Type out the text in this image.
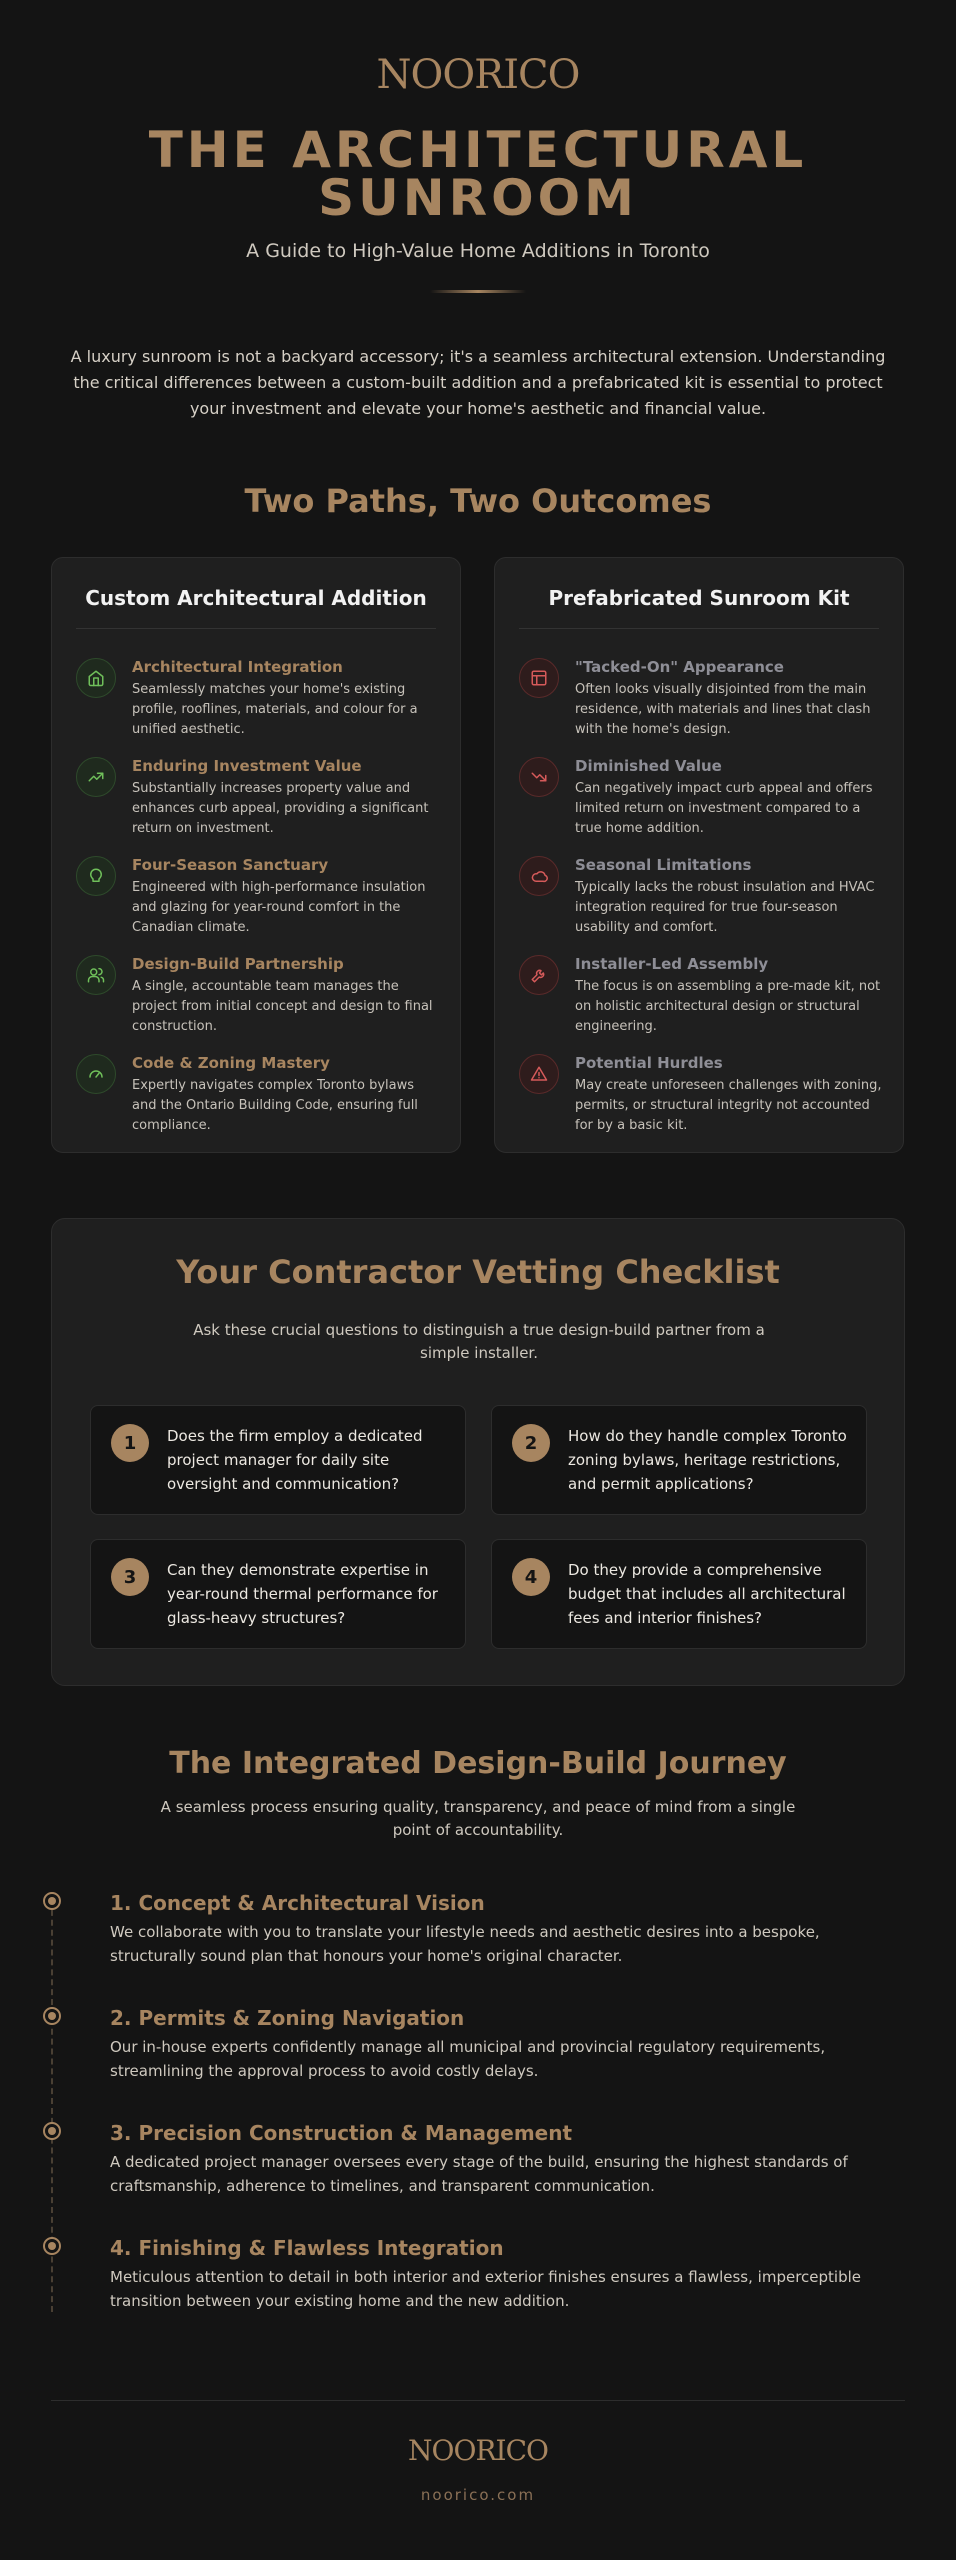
NOORICO
THE ARCHITECTURAL SUNROOM
A Guide to High-Value Home Additions in Toronto

A luxury sunroom is not a backyard accessory; it's a seamless architectural extension. Understanding the critical differences between a custom-built addition and a prefabricated kit is essential to protect your investment and elevate your home's aesthetic and financial value.

Two Paths, Two Outcomes
Custom Architectural Addition
Architectural Integration
Seamlessly matches your home's existing profile, rooflines, materials, and colour for a unified aesthetic.
Enduring Investment Value
Substantially increases property value and enhances curb appeal, providing a significant return on investment.
Four-Season Sanctuary
Engineered with high-performance insulation and glazing for year-round comfort in the Canadian climate.
Design-Build Partnership
A single, accountable team manages the project from initial concept and design to final construction.
Code & Zoning Mastery
Expertly navigates complex Toronto bylaws and the Ontario Building Code, ensuring full compliance.
Prefabricated Sunroom Kit
"Tacked-On" Appearance
Often looks visually disjointed from the main residence, with materials and lines that clash with the home's design.
Diminished Value
Can negatively impact curb appeal and offers limited return on investment compared to a true home addition.
Seasonal Limitations
Typically lacks the robust insulation and HVAC integration required for true four-season usability and comfort.
Installer-Led Assembly
The focus is on assembling a pre-made kit, not on holistic architectural design or structural engineering.
Potential Hurdles
May create unforeseen challenges with zoning, permits, or structural integrity not accounted for by a basic kit.
Your Contractor Vetting Checklist

Ask these crucial questions to distinguish a true design-build partner from a simple installer.

1	Does the firm employ a dedicated project manager for daily site oversight and communication?
2	How do they handle complex Toronto zoning bylaws, heritage restrictions, and permit applications?
3	Can they demonstrate expertise in year-round thermal performance for glass-heavy structures?
4	Do they provide a comprehensive budget that includes all architectural fees and interior finishes?
The Integrated Design-Build Journey

A seamless process ensuring quality, transparency, and peace of mind from a single point of accountability.

1. Concept & Architectural Vision
We collaborate with you to translate your lifestyle needs and aesthetic desires into a bespoke, structurally sound plan that honours your home's original character.
2. Permits & Zoning Navigation
Our in-house experts confidently manage all municipal and provincial regulatory requirements, streamlining the approval process to avoid costly delays.
3. Precision Construction & Management
A dedicated project manager oversees every stage of the build, ensuring the highest standards of craftsmanship, adherence to timelines, and transparent communication.
4. Finishing & Flawless Integration
Meticulous attention to detail in both interior and exterior finishes ensures a flawless, imperceptible transition between your existing home and the new addition.
NOORICO
noorico.com
